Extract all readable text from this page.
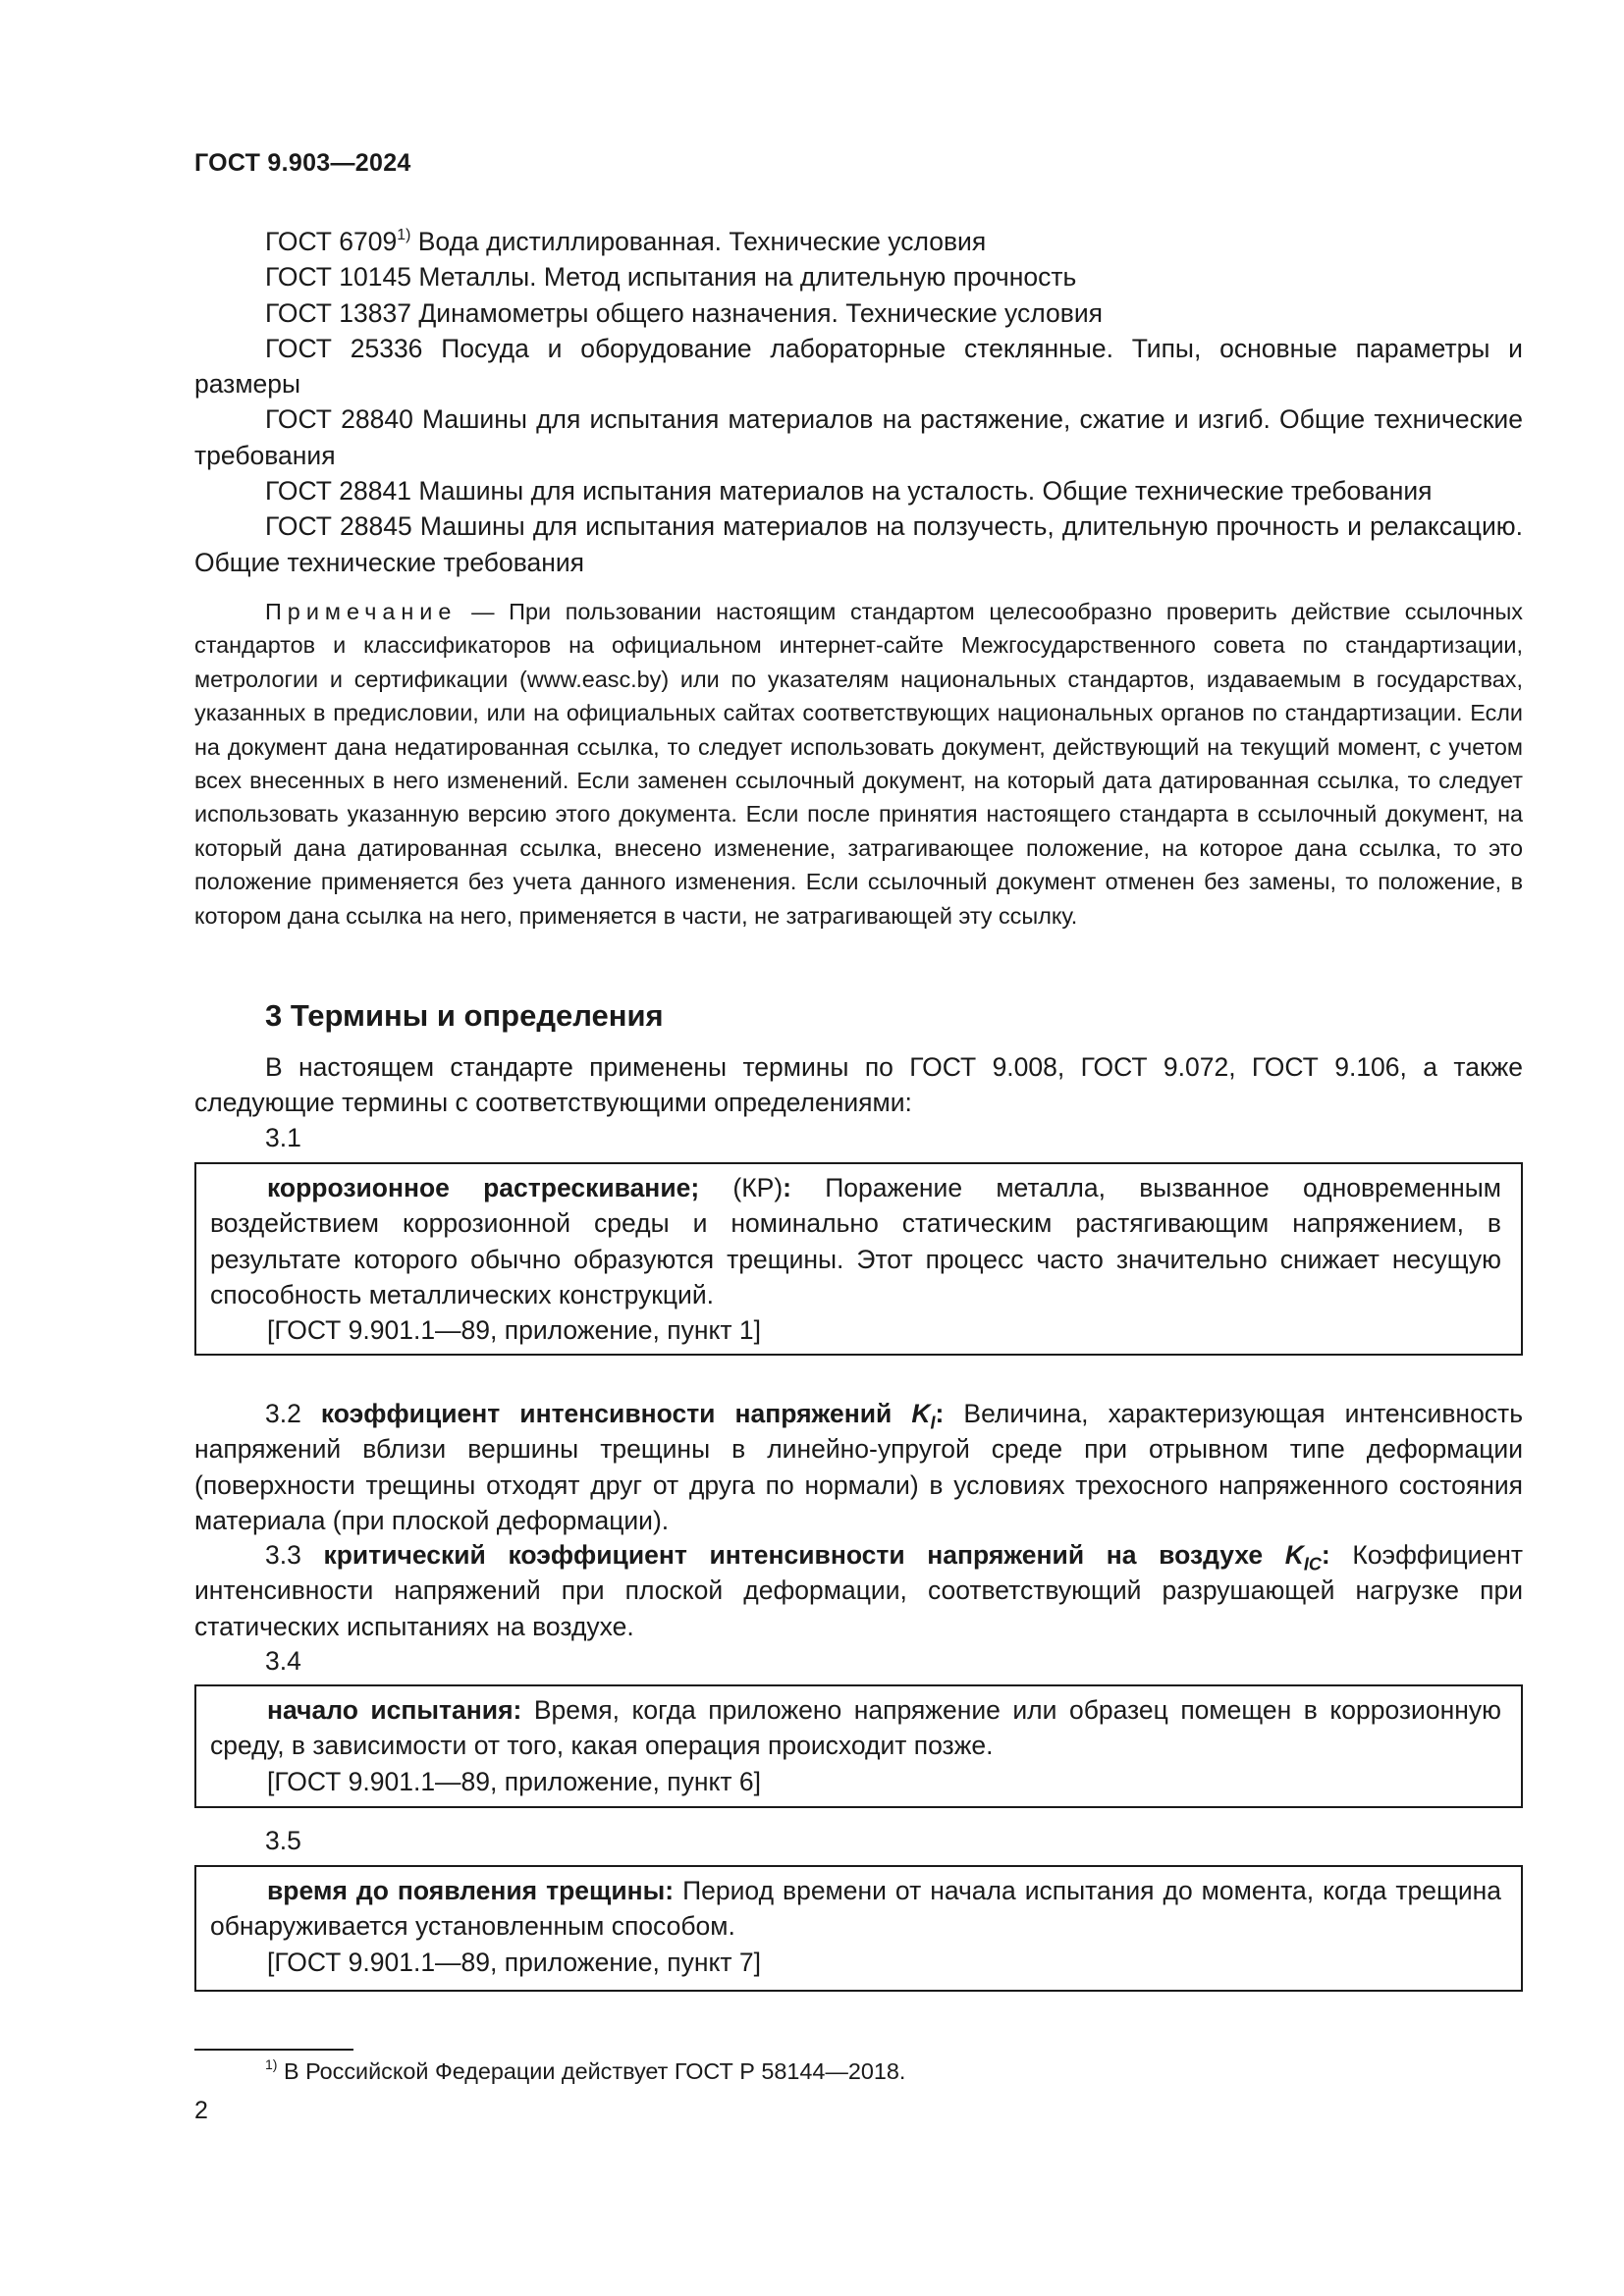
ГОСТ 9.903—2024

ГОСТ 6709$^{1)}$ Вода дистиллированная. Технические условия

ГОСТ 10145 Металлы. Метод испытания на длительную прочность

ГОСТ 13837 Динамометры общего назначения. Технические условия

ГОСТ 25336 Посуда и оборудование лабораторные стеклянные. Типы, основные параметры и размеры

ГОСТ 28840 Машины для испытания материалов на растяжение, сжатие и изгиб. Общие технические требования

ГОСТ 28841 Машины для испытания материалов на усталость. Общие технические требования

ГОСТ 28845 Машины для испытания материалов на ползучесть, длительную прочность и релаксацию. Общие технические требования

Примечание — При пользовании настоящим стандартом целесообразно проверить действие ссылочных стандартов и классификаторов на официальном интернет-сайте Межгосударственного совета по стандартизации, метрологии и сертификации (www.easc.by) или по указателям национальных стандартов, издаваемым в государствах, указанных в предисловии, или на официальных сайтах соответствующих национальных органов по стандартизации. Если на документ дана недатированная ссылка, то следует использовать документ, действующий на текущий момент, с учетом всех внесенных в него изменений. Если заменен ссылочный документ, на который дата датированная ссылка, то следует использовать указанную версию этого документа. Если после принятия настоящего стандарта в ссылочный документ, на который дана датированная ссылка, внесено изменение, затрагивающее положение, на которое дана ссылка, то это положение применяется без учета данного изменения. Если ссылочный документ отменен без замены, то положение, в котором дана ссылка на него, применяется в части, не затрагивающей эту ссылку.

3 Термины и определения

В настоящем стандарте применены термины по ГОСТ 9.008, ГОСТ 9.072, ГОСТ 9.106, а также следующие термины с соответствующими определениями:

3.1

коррозионное растрескивание; (КР): Поражение металла, вызванное одновременным воздействием коррозионной среды и номинально статическим растягивающим напряжением, в результате которого обычно образуются трещины. Этот процесс часто значительно снижает несущую способность металлических конструкций.

[ГОСТ 9.901.1—89, приложение, пункт 1]

3.2 коэффициент интенсивности напряжений $K_I$: Величина, характеризующая интенсивность напряжений вблизи вершины трещины в линейно-упругой среде при отрывном типе деформации (поверхности трещины отходят друг от друга по нормали) в условиях трехосного напряженного состояния материала (при плоской деформации).

3.3 критический коэффициент интенсивности напряжений на воздухе $K_{IC}$: Коэффициент интенсивности напряжений при плоской деформации, соответствующий разрушающей нагрузке при статических испытаниях на воздухе.

3.4

начало испытания: Время, когда приложено напряжение или образец помещен в коррозионную среду, в зависимости от того, какая операция происходит позже.

[ГОСТ 9.901.1—89, приложение, пункт 6]
3.5

время до появления трещины: Период времени от начала испытания до момента, когда трещина обнаруживается установленным способом.

[ГОСТ 9.901.1—89, приложение, пункт 7]
$^{1)}$ В Российской Федерации действует ГОСТ Р 58144—2018.
2
